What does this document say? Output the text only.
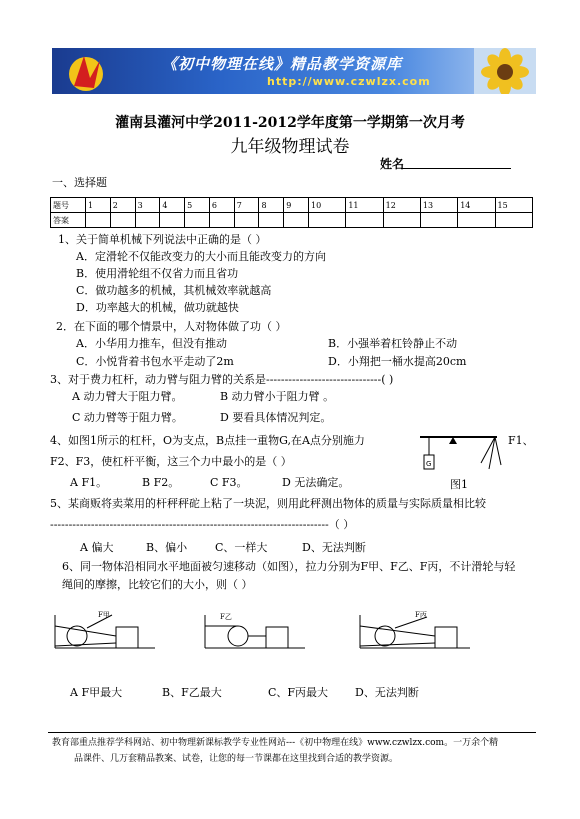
《初中物理在线》精品教学资源库
http://www.czwlzx.com
灌南县灌河中学2011-2012学年度第一学期第一次月考
九年级物理试卷
姓名
一、选择题
题号	1	2	3	4	5	6	7	8	9	10	11	12	13	14	15
答案															
1、关于简单机械下列说法中正确的是（ ）
A．定滑轮不仅能改变力的大小而且能改变力的方向
B．使用滑轮组不仅省力而且省功
C．做功越多的机械，其机械效率就越高
D．功率越大的机械，做功就越快
2．在下面的哪个情景中，人对物体做了功（ ）
A．小华用力推车，但没有推动	B．小强举着杠铃静止不动
C．小悦背着书包水平走动了2m	D．小翔把一桶水提高20cm
3、对于费力杠杆，动力臂与阻力臂的关系是-------------------------------( )
A 动力臂大于阻力臂。	B 动力臂小于阻力臂 。
C 动力臂等于阻力臂。	D 要看具体情况判定。
4、如图1所示的杠杆，O为支点，B点挂一重物G,在A点分别施力	F1、
F2、F3，使杠杆平衡，这三个力中最小的是（ ）
A F1。	B F2。	C F3。	D 无法确定。
G
图1
5、某商贩将卖菜用的杆秤秤砣上粘了一块泥，则用此秤测出物体的质量与实际质量相比较
---------------------------------------------------------------------------（ ）
A 偏大	B、偏小	C、一样大	D、无法判断
6、同一物体沿相同水平地面被匀速移动（如图），拉力分别为F甲、F乙、F丙，不计滑轮与轻
绳间的摩擦，比较它们的大小，则（ ）
F甲	F乙	F丙
A F甲最大	B、F乙最大	C、F丙最大 D、无法判断
教育部重点推荐学科网站、初中物理新课标教学专业性网站---《初中物理在线》www.czwlzx.com。一万余个精
品课件、几万套精品教案、试卷，让您的每一节课都在这里找到合适的教学资源。
